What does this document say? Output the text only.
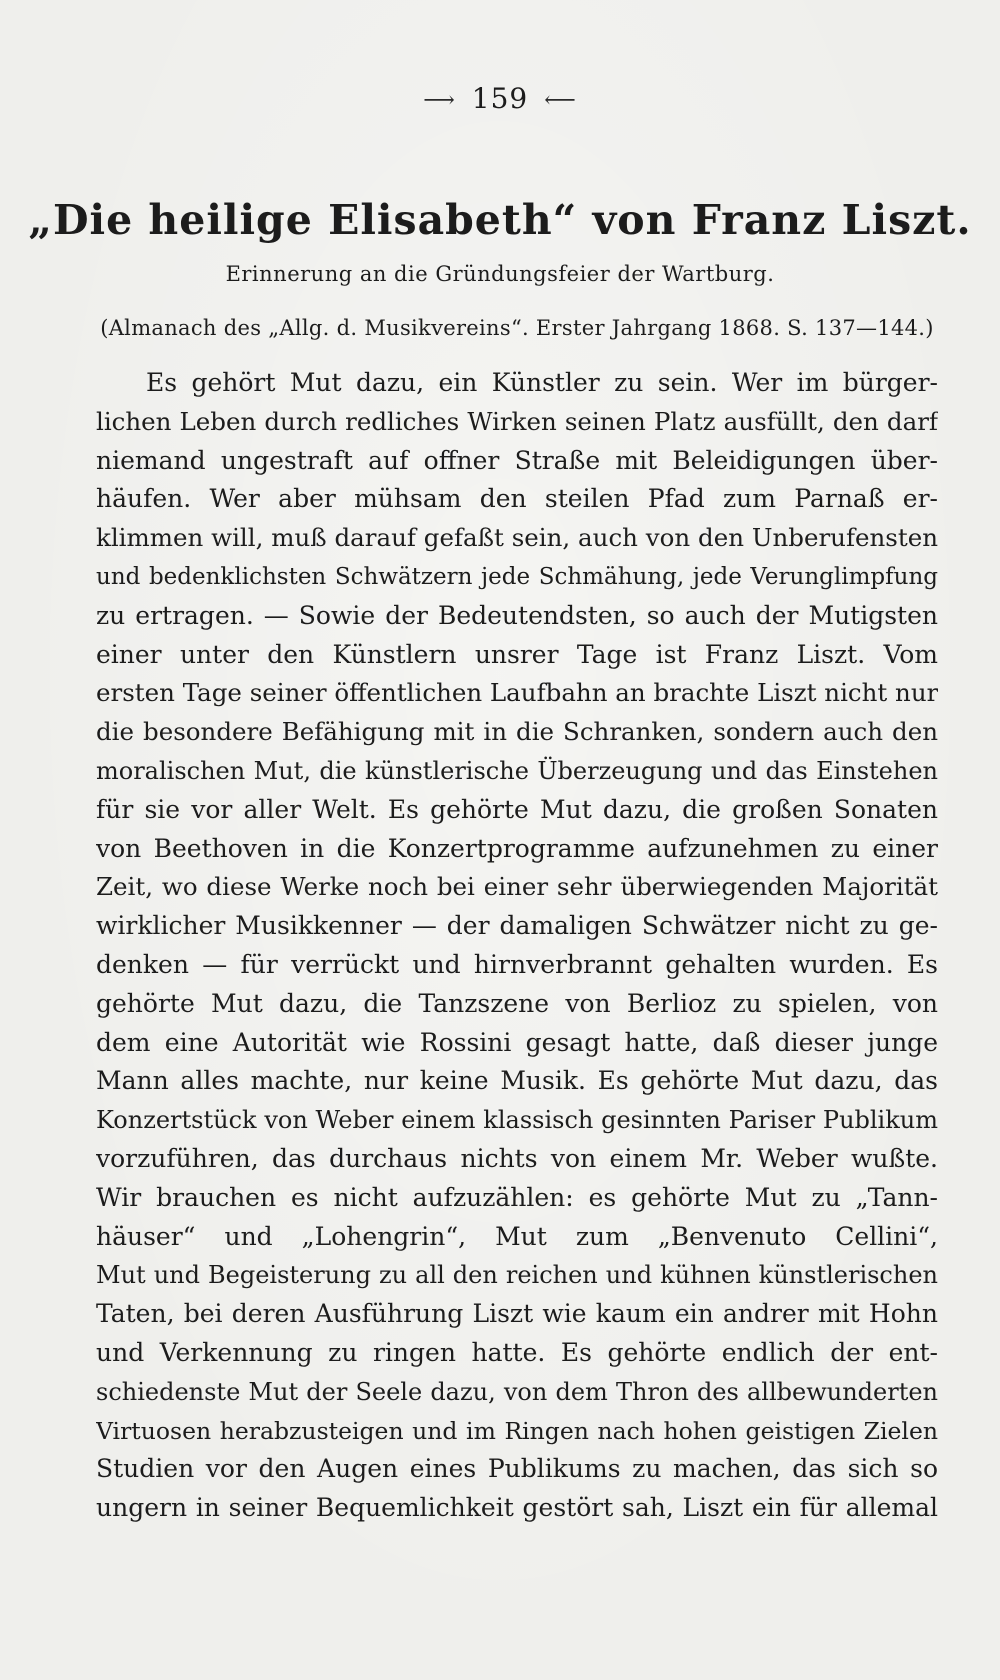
⟶ 159 ⟵
„Die heilige Elisabeth“ von Franz Liszt.
Erinnerung an die Gründungsfeier der Wartburg.
(Almanach des „Allg. d. Musikvereins“. Erster Jahrgang 1868. S. 137—144.)
Es gehört Mut dazu, ein Künstler zu sein. Wer im bürger-
lichen Leben durch redliches Wirken seinen Platz ausfüllt, den darf
niemand ungestraft auf offner Straße mit Beleidigungen über-
häufen. Wer aber mühsam den steilen Pfad zum Parnaß er-
klimmen will, muß darauf gefaßt sein, auch von den Unberufensten
und bedenklichsten Schwätzern jede Schmähung, jede Verunglimpfung
zu ertragen. — Sowie der Bedeutendsten, so auch der Mutigsten
einer unter den Künstlern unsrer Tage ist Franz Liszt. Vom
ersten Tage seiner öffentlichen Laufbahn an brachte Liszt nicht nur
die besondere Befähigung mit in die Schranken, sondern auch den
moralischen Mut, die künstlerische Überzeugung und das Einstehen
für sie vor aller Welt. Es gehörte Mut dazu, die großen Sonaten
von Beethoven in die Konzertprogramme aufzunehmen zu einer
Zeit, wo diese Werke noch bei einer sehr überwiegenden Majorität
wirklicher Musikkenner — der damaligen Schwätzer nicht zu ge-
denken — für verrückt und hirnverbrannt gehalten wurden. Es
gehörte Mut dazu, die Tanzszene von Berlioz zu spielen, von
dem eine Autorität wie Rossini gesagt hatte, daß dieser junge
Mann alles machte, nur keine Musik. Es gehörte Mut dazu, das
Konzertstück von Weber einem klassisch gesinnten Pariser Publikum
vorzuführen, das durchaus nichts von einem Mr. Weber wußte.
Wir brauchen es nicht aufzuzählen: es gehörte Mut zu „Tann-
häuser“ und „Lohengrin“, Mut zum „Benvenuto Cellini“,
Mut und Begeisterung zu all den reichen und kühnen künstlerischen
Taten, bei deren Ausführung Liszt wie kaum ein andrer mit Hohn
und Verkennung zu ringen hatte. Es gehörte endlich der ent-
schiedenste Mut der Seele dazu, von dem Thron des allbewunderten
Virtuosen herabzusteigen und im Ringen nach hohen geistigen Zielen
Studien vor den Augen eines Publikums zu machen, das sich so
ungern in seiner Bequemlichkeit gestört sah, Liszt ein für allemal
